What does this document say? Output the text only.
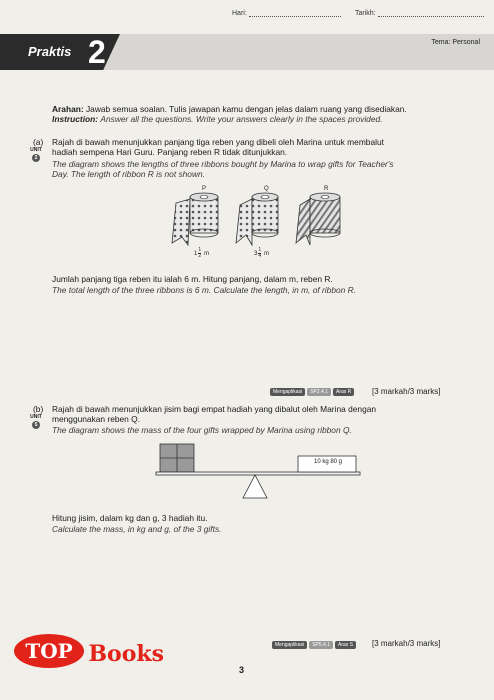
Hari:	Tarikh:
Praktis 2	Tema: Personal
Arahan: Jawab semua soalan. Tulis jawapan kamu dengan jelas dalam ruang yang disediakan.
Instruction: Answer all the questions. Write your answers clearly in the spaces provided.
(a)
UNIT
2
Rajah di bawah menunjukkan panjang tiga reben yang dibeli oleh Marina untuk membalut
hadiah sempena Hari Guru. Panjang reben R tidak ditunjukkan.
The diagram shows the lengths of three ribbons bought by Marina to wrap gifts for Teacher's
Day. The length of ribbon R is not shown.
P	Q	R
$1 \frac{1}{2}$ m	$3 \frac{1}{4}$ m
Jumlah panjang tiga reben itu ialah 6 m. Hitung panjang, dalam m, reben R.
The total length of the three ribbons is 6 m. Calculate the length, in m, of ribbon R.
Mengaplikasi	SP2.4.1	Aras R	[3 markah/3 marks]
(b)
UNIT
5
Rajah di bawah menunjukkan jisim bagi empat hadiah yang dibalut oleh Marina dengan
menggunakan reben Q.
The diagram shows the mass of the four gifts wrapped by Marina using ribbon Q.
10 kg 80 g
Hitung jisim, dalam kg dan g, 3 hadiah itu.
Calculate the mass, in kg and g, of the 3 gifts.
Mengaplikasi	SP5.4.1	Aras S	[3 markah/3 marks]
TOP Books
3
